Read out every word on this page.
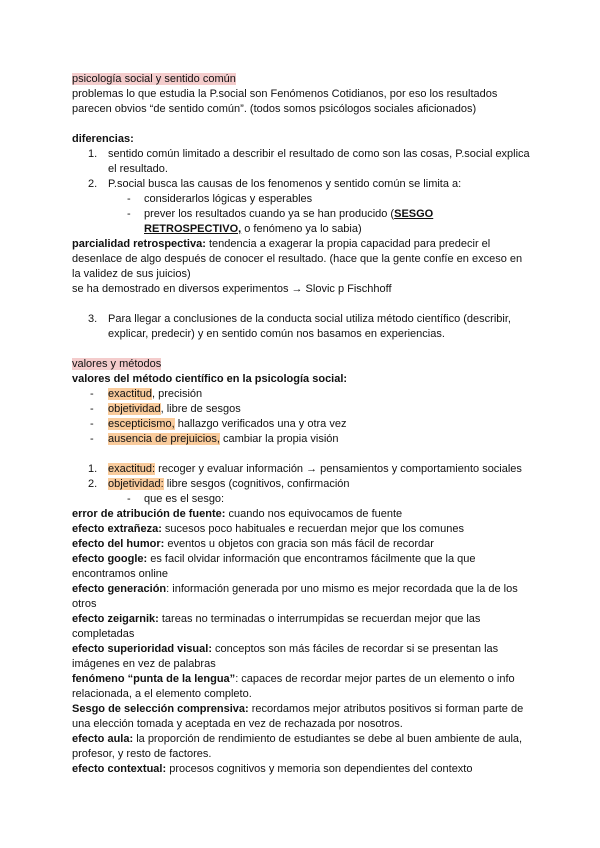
psicología social y sentido común
problemas lo que estudia la P.social son Fenómenos Cotidianos, por eso los resultados parecen obvios “de sentido común”. (todos somos psicólogos sociales aficionados)
diferencias:
1. sentido común limitado a describir el resultado de como son las cosas, P.social explica el resultado.
2. P.social busca las causas de los fenomenos y sentido común se limita a:
- considerarlos lógicas y esperables
- prever los resultados cuando ya se han producido (SESGO RETROSPECTIVO, o fenómeno ya lo sabia)
parcialidad retrospectiva: tendencia a exagerar la propia capacidad para predecir el desenlace de algo después de conocer el resultado. (hace que la gente confíe en exceso en la validez de sus juicios)
se ha demostrado en diversos experimentos → Slovic p Fischhoff
3. Para llegar a conclusiones de la conducta social utiliza método científico (describir, explicar, predecir) y en sentido común nos basamos en experiencias.
valores y métodos
valores del método científico en la psicología social:
- exactitud, precisión
- objetividad, libre de sesgos
- escepticismo, hallazgo verificados una y otra vez
- ausencia de prejuicios, cambiar la propia visión
1. exactitud: recoger y evaluar información → pensamientos y comportamiento sociales
2. objetividad: libre sesgos (cognitivos, confirmación
- que es el sesgo:
error de atribución de fuente: cuando nos equivocamos de fuente
efecto extrañeza: sucesos poco habituales e recuerdan mejor que los comunes
efecto del humor: eventos u objetos con gracia son más fácil de recordar
efecto google: es facil olvidar información que encontramos fácilmente que la que encontramos online
efecto generación: información generada por uno mismo es mejor recordada que la de los otros
efecto zeigarnik: tareas no terminadas o interrumpidas se recuerdan mejor que las completadas
efecto superioridad visual: conceptos son más fáciles de recordar si se presentan las imágenes en vez de palabras
fenómeno “punta de la lengua”: capaces de recordar mejor partes de un elemento o info relacionada, a el elemento completo.
Sesgo de selección comprensiva: recordamos mejor atributos positivos si forman parte de una elección tomada y aceptada en vez de rechazada por nosotros.
efecto aula: la proporción de rendimiento de estudiantes se debe al buen ambiente de aula, profesor, y resto de factores.
efecto contextual: procesos cognitivos y memoria son dependientes del contexto
